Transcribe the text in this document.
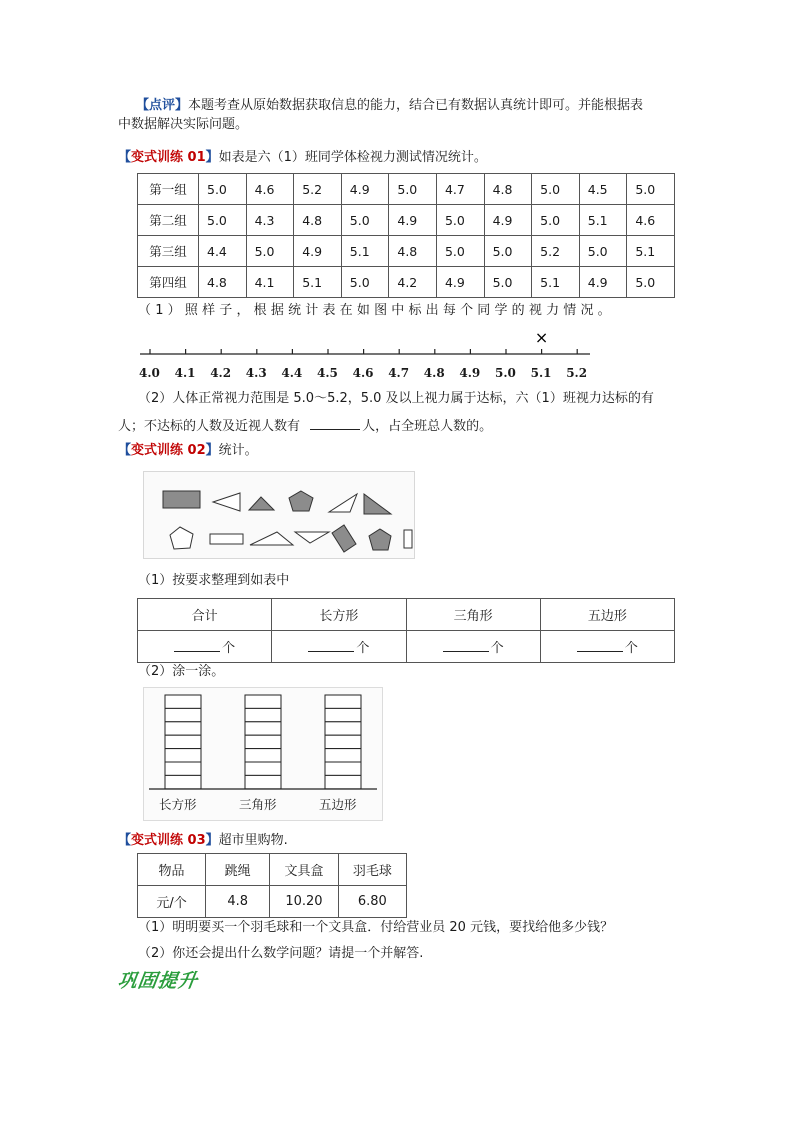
【点评】本题考查从原始数据获取信息的能力，结合已有数据认真统计即可。并能根据表
中数据解决实际问题。
【变式训练 01】如表是六（1）班同学体检视力测试情况统计。
第一组	5.0	4.6	5.2	4.9	5.0	4.7	4.8	5.0	4.5	5.0
第二组	5.0	4.3	4.8	5.0	4.9	5.0	4.9	5.0	5.1	4.6
第三组	4.4	5.0	4.9	5.1	4.8	5.0	5.0	5.2	5.0	5.1
第四组	4.8	4.1	5.1	5.0	4.2	4.9	5.0	5.1	4.9	5.0
（1）照样子，根据统计表在如图中标出每个同学的视力情况。
×
4.0 4.1 4.2 4.3 4.4 4.5 4.6 4.7 4.8 4.9 5.0 5.1 5.2
（2）人体正常视力范围是 5.0～5.2，5.0 及以上视力属于达标，六（1）班视力达标的有
人；不达标的人数及近视人数有	人，占全班总人数的。
【变式训练 02】统计。
（1）按要求整理到如表中
合计	长方形	三角形	五边形
个	个	个	个
（2）涂一涂。
长方形	三角形	五边形
【变式训练 03】超市里购物.
物品	跳绳	文具盒	羽毛球
元/个	4.8	10.20	6.80
（1）明明要买一个羽毛球和一个文具盒．付给营业员 20 元钱，要找给他多少钱？
（2）你还会提出什么数学问题？请提一个并解答.
巩固提升
